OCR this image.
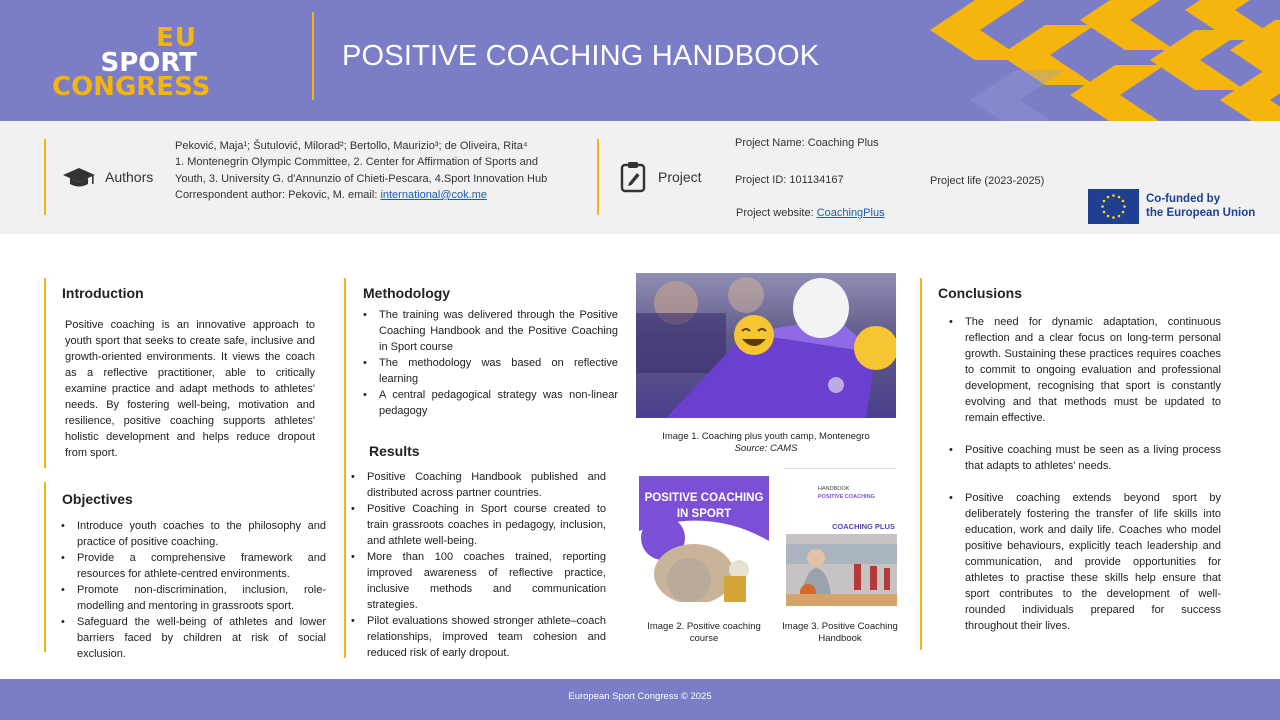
EU
SPORT
CONGRESS
POSITIVE COACHING HANDBOOK
Authors
Peković, Maja¹; Šutulović, Milorad²; Bertollo, Maurizio³; de Oliveira, Rita⁴
1. Montenegrin Olympic Committee, 2. Center for Affirmation of Sports and Youth, 3. University G. d'Annunzio of Chieti-Pescara, 4.Sport Innovation Hub
Correspondent author: Pekovic, M. email: international@cok.me
Project
Project Name: Coaching Plus
Project ID: 101134167	Project life (2023-2025)
Project website: CoachingPlus
Co-funded by
the European Union
Introduction
Positive coaching is an innovative approach to youth sport that seeks to create safe, inclusive and growth-oriented environments. It views the coach as a reflective practitioner, able to critically examine practice and adapt methods to athletes' needs. By fostering well-being, motivation and resilience, positive coaching supports athletes' holistic development and helps reduce dropout from sport.
Objectives
• Introduce youth coaches to the philosophy and practice of positive coaching.
• Provide a comprehensive framework and resources for athlete-centred environments.
• Promote non-discrimination, inclusion, role-modelling and mentoring in grassroots sport.
• Safeguard the well-being of athletes and lower barriers faced by children at risk of social exclusion.
Methodology
• The training was delivered through the Positive Coaching Handbook and the Positive Coaching in Sport course
• The methodology was based on reflective learning
• A central pedagogical strategy was non-linear pedagogy
Results
• Positive Coaching Handbook published and distributed across partner countries.
• Positive Coaching in Sport course created to train grassroots coaches in pedagogy, inclusion, and athlete well-being.
• More than 100 coaches trained, reporting improved awareness of reflective practice, inclusive methods and communication strategies.
• Pilot evaluations showed stronger athlete–coach relationships, improved team cohesion and reduced risk of early dropout.
Image 1. Coaching plus youth camp, Montenegro
Source: CAMS
POSITIVE COACHING
IN SPORT
Image 2. Positive coaching course
HANDBOOK
POSITIVE COACHING
COACHING PLUS
Image 3. Positive Coaching Handbook
Conclusions
• The need for dynamic adaptation, continuous reflection and a clear focus on long-term personal growth. Sustaining these practices requires coaches to commit to ongoing evaluation and professional development, recognising that sport is constantly evolving and that methods must be updated to remain effective.
• Positive coaching must be seen as a living process that adapts to athletes' needs.
• Positive coaching extends beyond sport by deliberately fostering the transfer of life skills into education, work and daily life. Coaches who model positive behaviours, explicitly teach leadership and communication, and provide opportunities for athletes to practise these skills help ensure that sport contributes to the development of well-rounded individuals prepared for success throughout their lives.
European Sport Congress © 2025
